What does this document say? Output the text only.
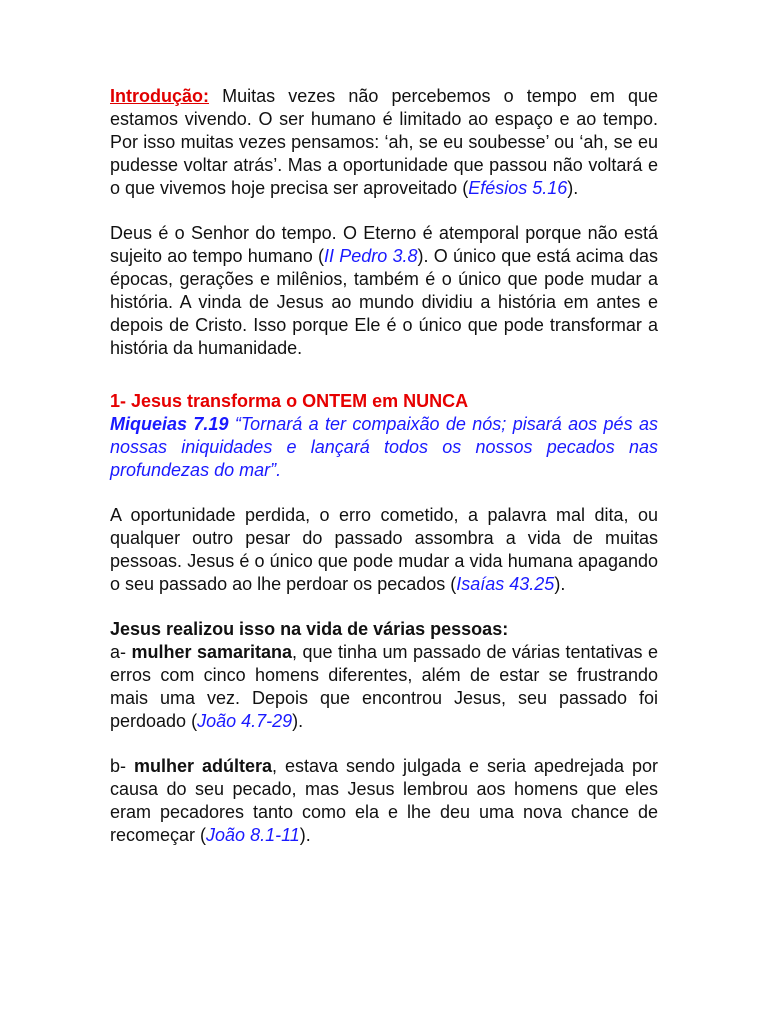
Introdução: Muitas vezes não percebemos o tempo em que estamos vivendo. O ser humano é limitado ao espaço e ao tempo. Por isso muitas vezes pensamos: ‘ah, se eu soubesse’ ou ‘ah, se eu pudesse voltar atrás’. Mas a oportunidade que passou não voltará e o que vivemos hoje precisa ser aproveitado (Efésios 5.16).

Deus é o Senhor do tempo. O Eterno é atemporal porque não está sujeito ao tempo humano (II Pedro 3.8). O único que está acima das épocas, gerações e milênios, também é o único que pode mudar a história. A vinda de Jesus ao mundo dividiu a história em antes e depois de Cristo. Isso porque Ele é o único que pode transformar a história da humanidade.

1- Jesus transforma o ONTEM em NUNCA

Miqueias 7.19 “Tornará a ter compaixão de nós; pisará aos pés as nossas iniquidades e lançará todos os nossos pecados nas profundezas do mar”.

A oportunidade perdida, o erro cometido, a palavra mal dita, ou qualquer outro pesar do passado assombra a vida de muitas pessoas. Jesus é o único que pode mudar a vida humana apagando o seu passado ao lhe perdoar os pecados (Isaías 43.25).

Jesus realizou isso na vida de várias pessoas:

a- mulher samaritana, que tinha um passado de várias tentativas e erros com cinco homens diferentes, além de estar se frustrando mais uma vez. Depois que encontrou Jesus, seu passado foi perdoado (João 4.7-29).

b- mulher adúltera, estava sendo julgada e seria apedrejada por causa do seu pecado, mas Jesus lembrou aos homens que eles eram pecadores tanto como ela e lhe deu uma nova chance de recomeçar (João 8.1-11).
